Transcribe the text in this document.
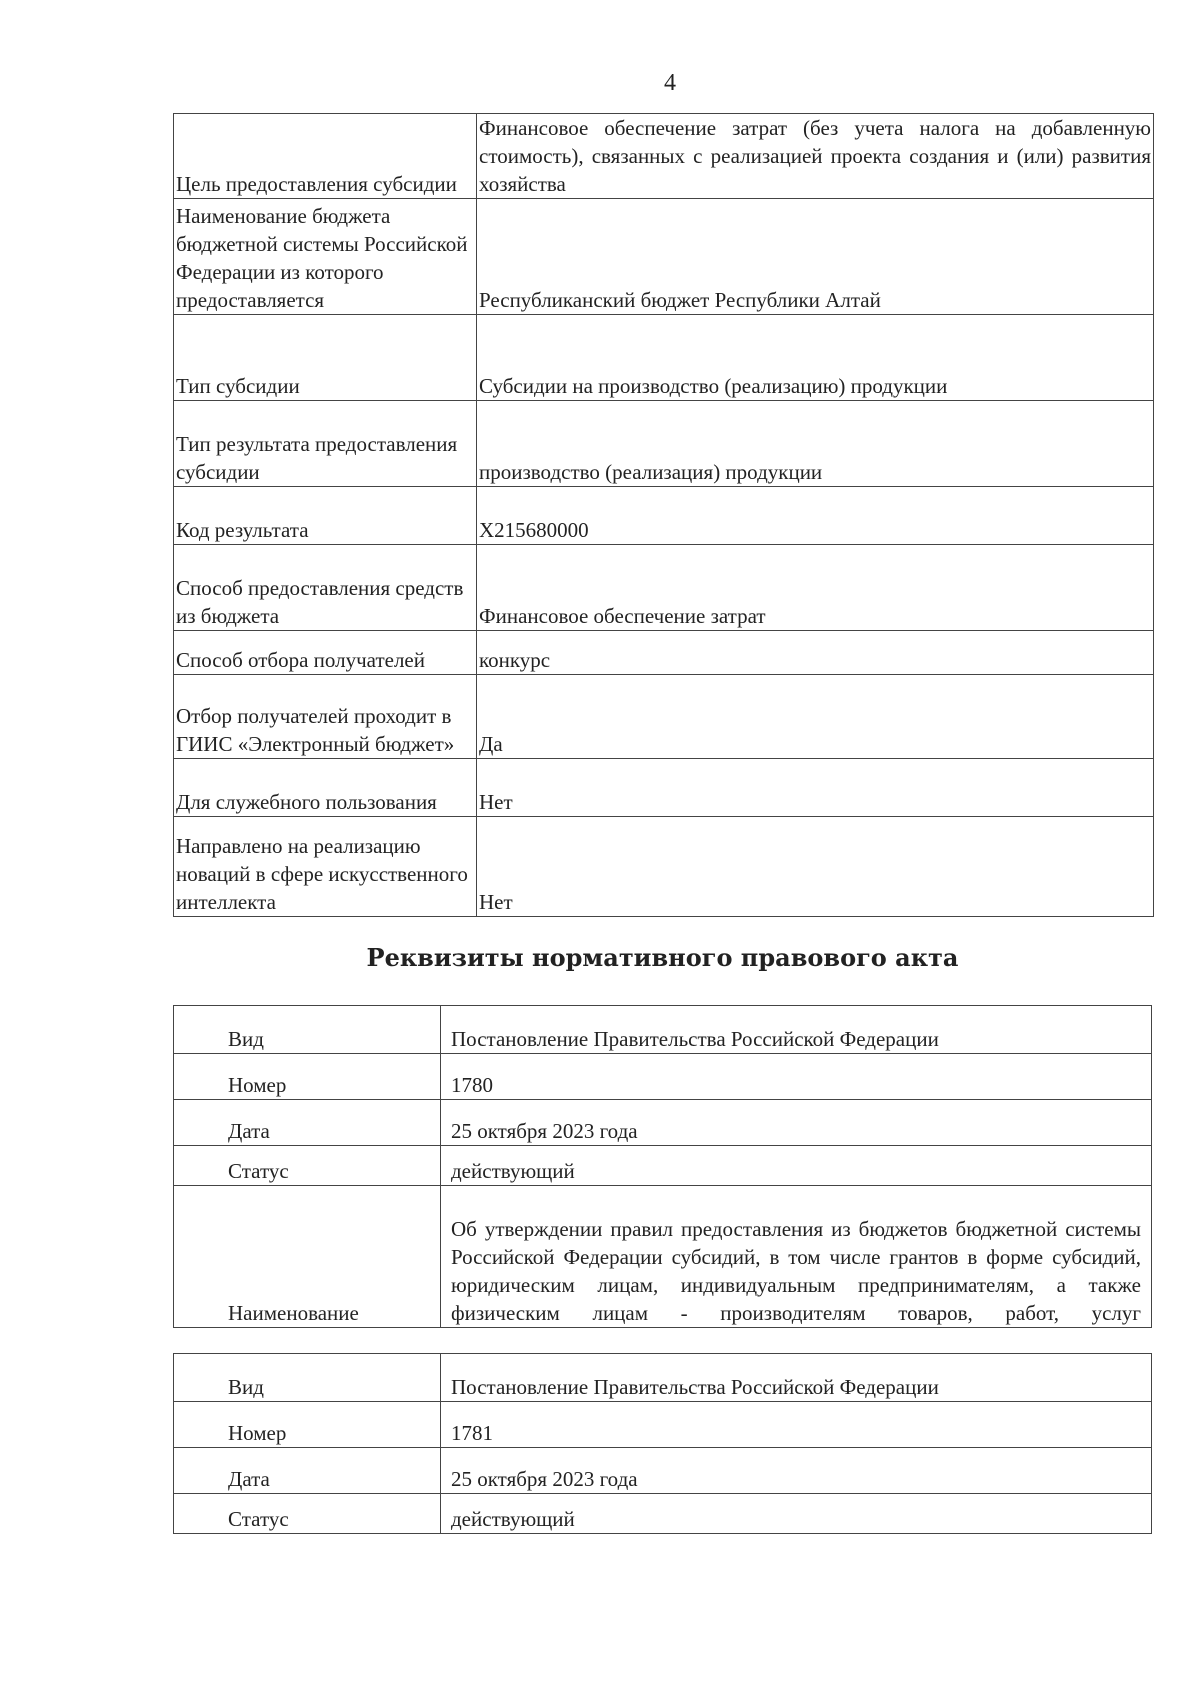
4
Цель предоставления субсидии	Финансовое обеспечение затрат (без учета налога на добавленную стоимость), связанных с реализацией проекта создания и (или) развития хозяйства
Наименование бюджета бюджетной системы Российской Федерации из которого предоставляется	Республиканский бюджет Республики Алтай
Тип субсидии	Субсидии на производство (реализацию) продукции
Тип результата предоставления субсидии	производство (реализация) продукции
Код результата	X215680000
Способ предоставления средств из бюджета	Финансовое обеспечение затрат
Способ отбора получателей	конкурс
Отбор получателей проходит в ГИИС «Электронный бюджет»	Да
Для служебного пользования	Нет
Направлено на реализацию новаций в сфере искусственного интеллекта	Нет
Реквизиты нормативного правового акта
Вид	Постановление Правительства Российской Федерации
Номер	1780
Дата	25 октября 2023 года
Статус	действующий
Наименование	Об утверждении правил предоставления из бюджетов бюджетной системы Российской Федерации субсидий, в том числе грантов в форме субсидий, юридическим лицам, индивидуальным предпринимателям, а также физическим лицам - производителям товаров, работ, услуг
Вид	Постановление Правительства Российской Федерации
Номер	1781
Дата	25 октября 2023 года
Статус	действующий
